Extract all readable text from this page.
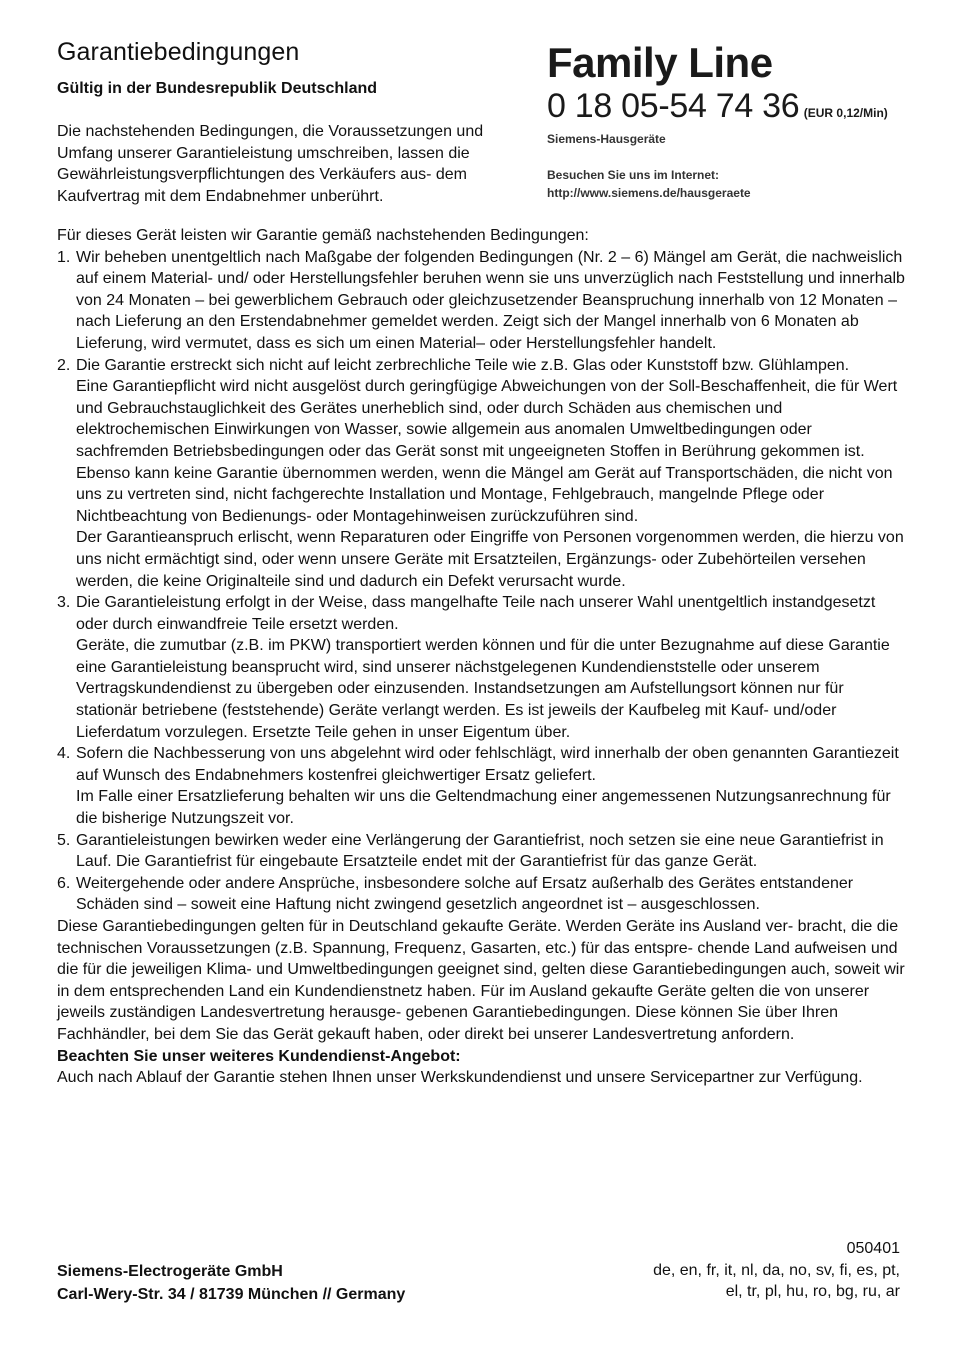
Garantiebedingungen
Gültig in der Bundesrepublik Deutschland

Die nachstehenden Bedingungen, die Voraussetzungen und Umfang unserer Garantieleistung umschreiben, lassen die Gewährleistungsverpflichtungen des Verkäufers aus- dem Kaufvertrag mit dem Endabnehmer unberührt.

Family Line
0 18 05-54 74 36 (EUR 0,12/Min)
Siemens-Hausgeräte
Besuchen Sie uns im Internet:
http://www.siemens.de/hausgeraete

Für dieses Gerät leisten wir Garantie gemäß nachstehenden Bedingungen:

1. Wir beheben unentgeltlich nach Maßgabe der folgenden Bedingungen (Nr. 2 – 6) Mängel am Gerät, die nachweislich auf einem Material- und/ oder Herstellungsfehler beruhen wenn sie uns unverzüglich nach Feststellung und innerhalb von 24 Monaten – bei gewerblichem Gebrauch oder gleichzusetzender Beanspruchung innerhalb von 12 Monaten – nach Lieferung an den Erstendabnehmer gemeldet werden. Zeigt sich der Mangel innerhalb von 6 Monaten ab Lieferung, wird vermutet, dass es sich um einen Material– oder Herstellungsfehler handelt.
2. Die Garantie erstreckt sich nicht auf leicht zerbrechliche Teile wie z.B. Glas oder Kunststoff bzw. Glühlampen.
Eine Garantiepflicht wird nicht ausgelöst durch geringfügige Abweichungen von der Soll-Beschaffenheit, die für Wert und Gebrauchstauglichkeit des Gerätes unerheblich sind, oder durch Schäden aus chemischen und elektrochemischen Einwirkungen von Wasser, sowie allgemein aus anomalen Umweltbedingungen oder sachfremden Betriebsbedingungen oder das Gerät sonst mit ungeeigneten Stoffen in Berührung gekommen ist. Ebenso kann keine Garantie übernommen werden, wenn die Mängel am Gerät auf Transportschäden, die nicht von uns zu vertreten sind, nicht fachgerechte Installation und Montage, Fehlgebrauch, mangelnde Pflege oder Nichtbeachtung von Bedienungs- oder Montagehinweisen zurückzuführen sind.
Der Garantieanspruch erlischt, wenn Reparaturen oder Eingriffe von Personen vorgenommen werden, die hierzu von uns nicht ermächtigt sind, oder wenn unsere Geräte mit Ersatzteilen, Ergänzungs- oder Zubehörteilen versehen werden, die keine Originalteile sind und dadurch ein Defekt verursacht wurde.
3. Die Garantieleistung erfolgt in der Weise, dass mangelhafte Teile nach unserer Wahl unentgeltlich instandgesetzt oder durch einwandfreie Teile ersetzt werden.
Geräte, die zumutbar (z.B. im PKW) transportiert werden können und für die unter Bezugnahme auf diese Garantie eine Garantieleistung beansprucht wird, sind unserer nächstgelegenen Kundendienststelle oder unserem Vertragskundendienst zu übergeben oder einzusenden. Instandsetzungen am Aufstellungsort können nur für stationär betriebene (feststehende) Geräte verlangt werden. Es ist jeweils der Kaufbeleg mit Kauf- und/oder Lieferdatum vorzulegen. Ersetzte Teile gehen in unser Eigentum über.
4. Sofern die Nachbesserung von uns abgelehnt wird oder fehlschlägt, wird innerhalb der oben genannten Garantiezeit auf Wunsch des Endabnehmers kostenfrei gleichwertiger Ersatz geliefert.
Im Falle einer Ersatzlieferung behalten wir uns die Geltendmachung einer angemessenen Nutzungsanrechnung für die bisherige Nutzungszeit vor.
5. Garantieleistungen bewirken weder eine Verlängerung der Garantiefrist, noch setzen sie eine neue Garantiefrist in Lauf. Die Garantiefrist für eingebaute Ersatzteile endet mit der Garantiefrist für das ganze Gerät.
6. Weitergehende oder andere Ansprüche, insbesondere solche auf Ersatz außerhalb des Gerätes entstandener Schäden sind – soweit eine Haftung nicht zwingend gesetzlich angeordnet ist – ausgeschlossen.

Diese Garantiebedingungen gelten für in Deutschland gekaufte Geräte. Werden Geräte ins Ausland ver- bracht, die die technischen Voraussetzungen (z.B. Spannung, Frequenz, Gasarten, etc.) für das entspre- chende Land aufweisen und die für die jeweiligen Klima- und Umweltbedingungen geeignet sind, gelten diese Garantiebedingungen auch, soweit wir in dem entsprechenden Land ein Kundendienstnetz haben. Für im Ausland gekaufte Geräte gelten die von unserer jeweils zuständigen Landesvertretung herausge- gebenen Garantiebedingungen. Diese können Sie über Ihren Fachhändler, bei dem Sie das Gerät gekauft haben, oder direkt bei unserer Landesvertretung anfordern.

Beachten Sie unser weiteres Kundendienst-Angebot:

Auch nach Ablauf der Garantie stehen Ihnen unser Werkskundendienst und unsere Servicepartner zur Verfügung.

Siemens-Electrogeräte GmbH
Carl-Wery-Str. 34 / 81739 München // Germany
050401
de, en, fr, it, nl, da, no, sv, fi, es, pt,
el, tr, pl, hu, ro, bg, ru, ar
